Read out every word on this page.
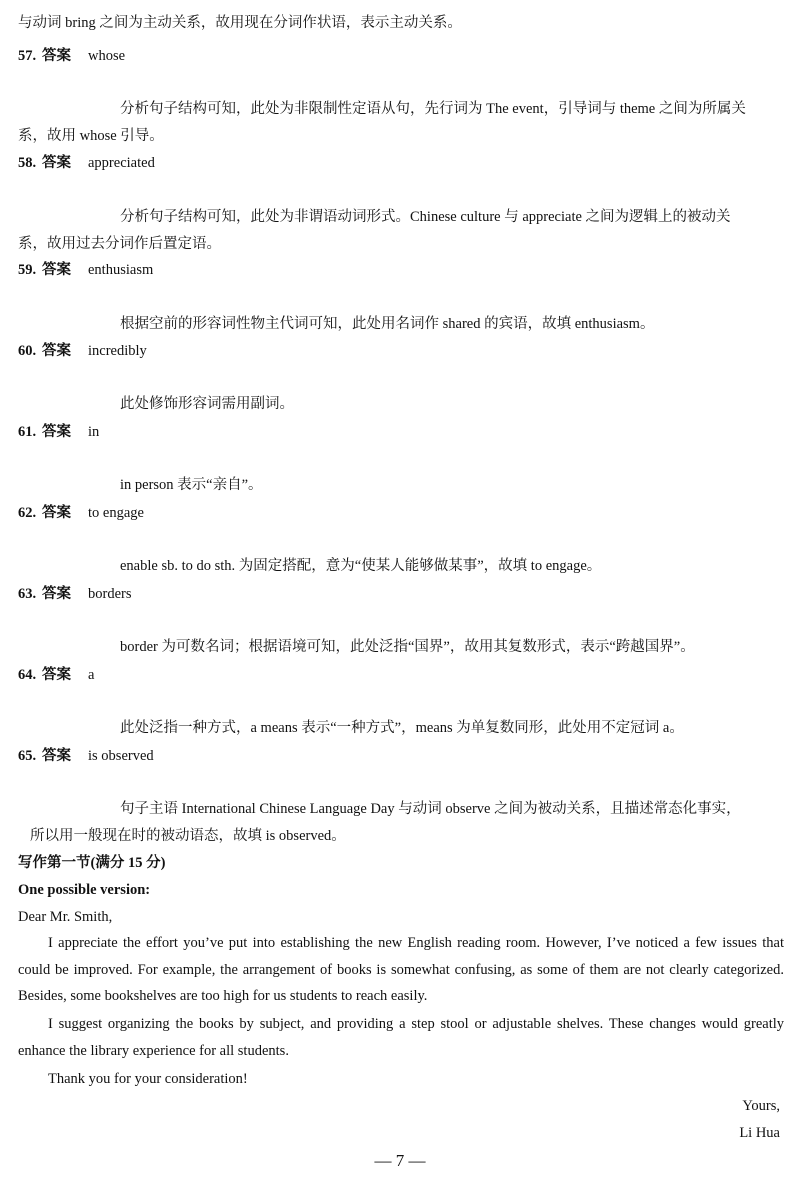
与动词 bring 之间为主动关系，故用现在分词作状语，表示主动关系。
57. 答案 whose
分析句子结构可知，此处为非限制性定语从句，先行词为 The event，引导词与 theme 之间为所属关
系，故用 whose 引导。
58. 答案 appreciated
分析句子结构可知，此处为非谓语动词形式。Chinese culture 与 appreciate 之间为逻辑上的被动关
系，故用过去分词作后置定语。
59. 答案 enthusiasm
根据空前的形容词性物主代词可知，此处用名词作 shared 的宾语，故填 enthusiasm。
60. 答案 incredibly
此处修饰形容词需用副词。
61. 答案 in
in person 表示“亲自”。
62. 答案 to engage
enable sb. to do sth. 为固定搭配，意为“使某人能够做某事”，故填 to engage。
63. 答案 borders
border 为可数名词；根据语境可知，此处泛指“国界”，故用其复数形式，表示“跨越国界”。
64. 答案 a
此处泛指一种方式，a means 表示“一种方式”，means 为单复数同形，此处用不定冠词 a。
65. 答案 is observed
句子主语 International Chinese Language Day 与动词 observe 之间为被动关系，且描述常态化事实，
所以用一般现在时的被动语态，故填 is observed。
写作第一节(满分 15 分)
One possible version:
Dear Mr. Smith,
I appreciate the effort you’ve put into establishing the new English reading room. However, I’ve noticed a few issues that could be improved. For example, the arrangement of books is somewhat confusing, as some of them are not clearly categorized. Besides, some bookshelves are too high for us students to reach easily.
I suggest organizing the books by subject, and providing a step stool or adjustable shelves. These changes would greatly enhance the library experience for all students.
Thank you for your consideration!
Yours,
Li Hua
— 7 —
